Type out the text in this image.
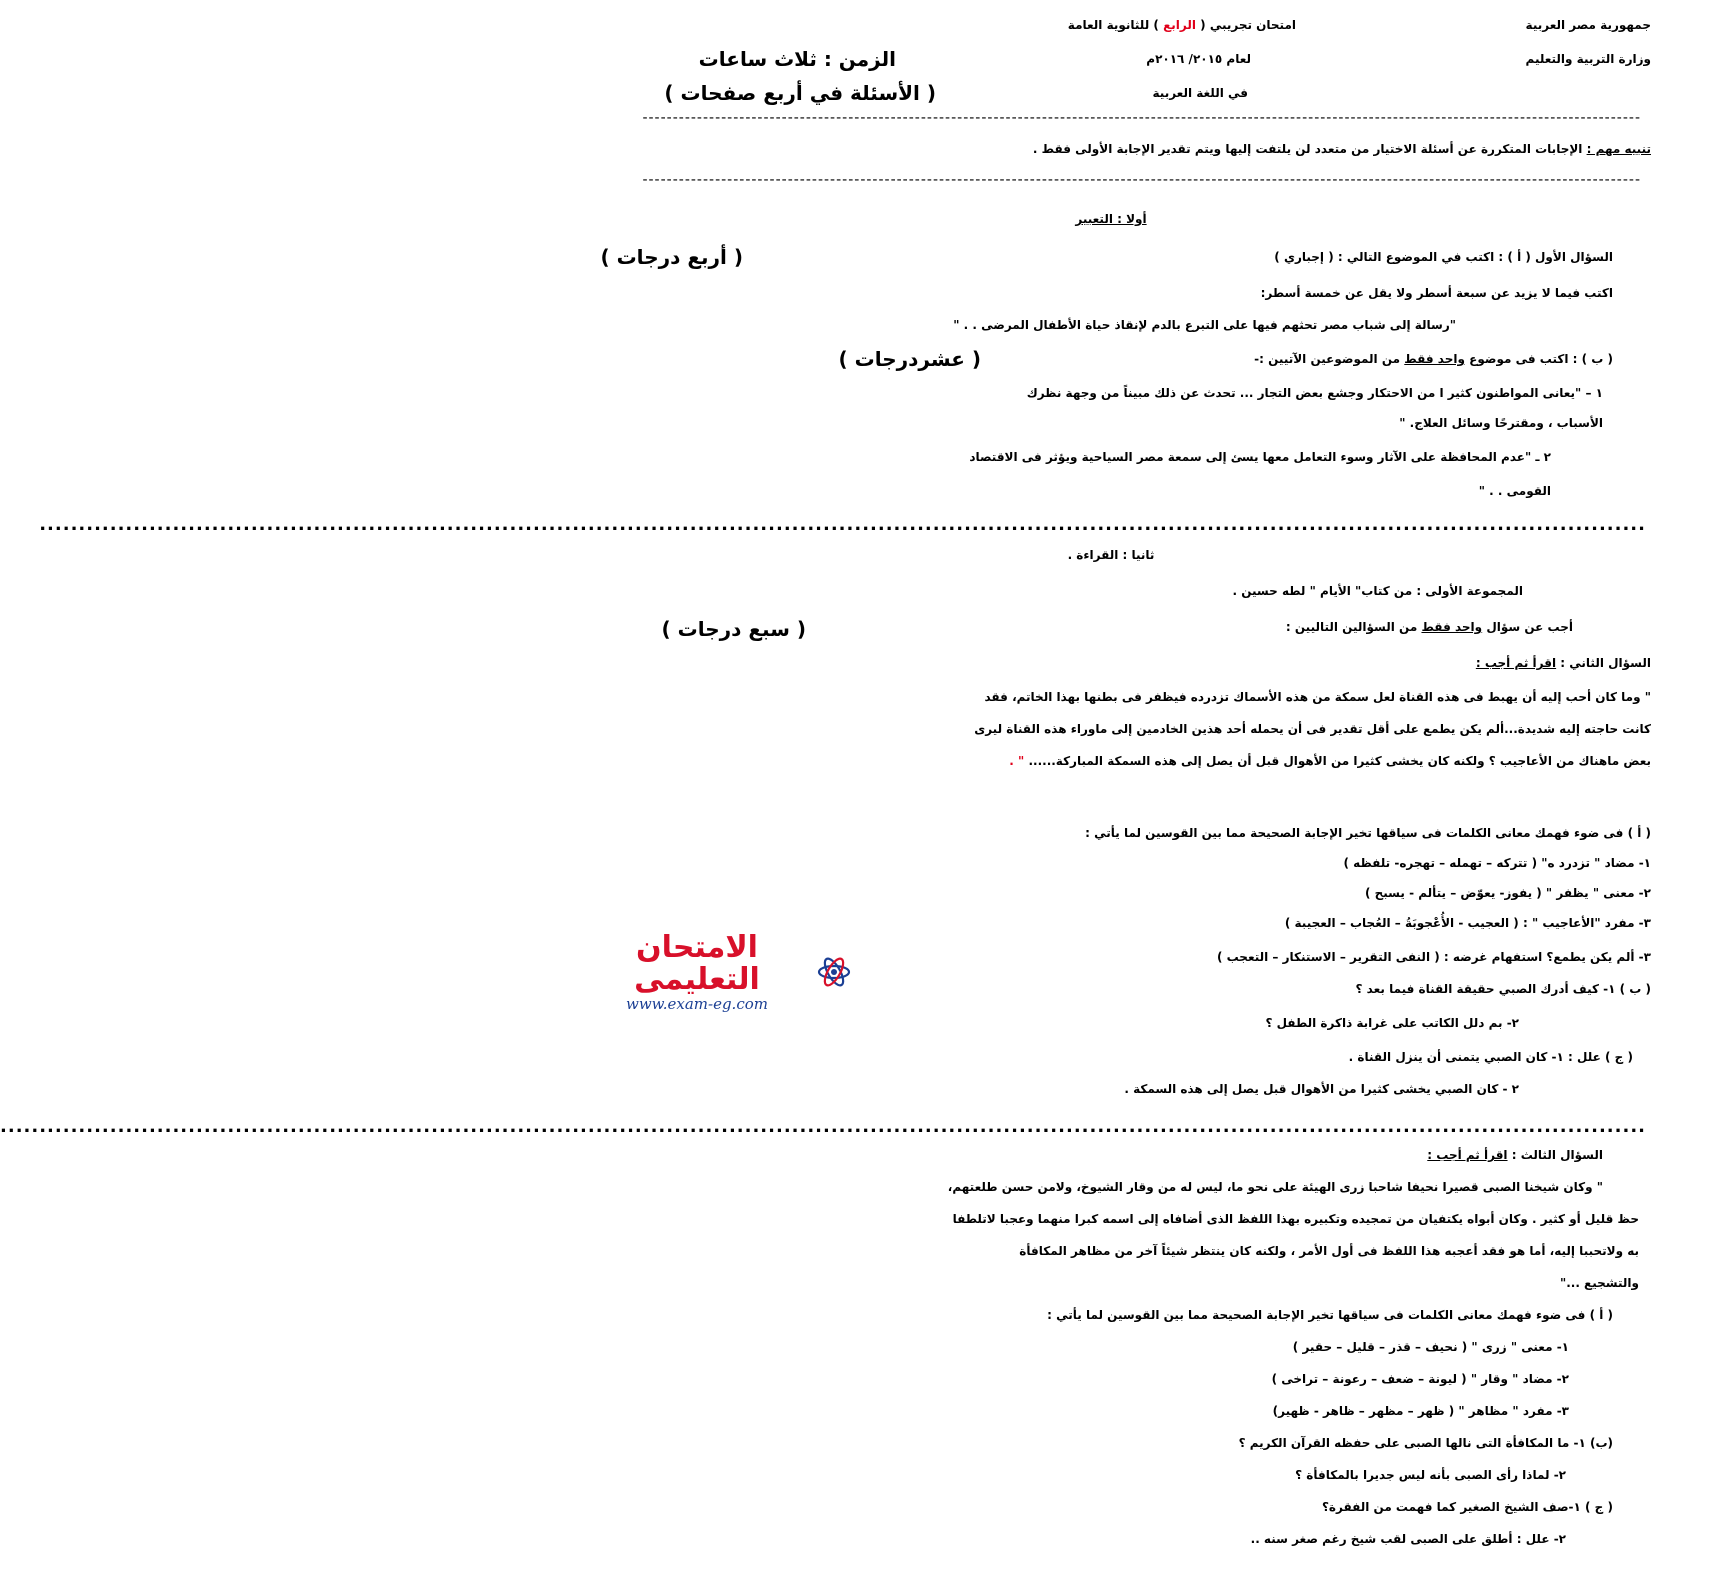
جمهورية مصر العربية
امتحان تجريبي ( الرابع ) للثانوية العامة
وزارة التربية والتعليم
لعام ٢٠١٥/ ٢٠١٦م
الزمن : ثلاث ساعات
في اللغة العربية
( الأسئلة في أربع صفحات )
---------------------------------------------------------------------------------------------------------------------------------------------------------------------
تنبيه مهم : الإجابات المتكررة عن أسئلة الاختيار من متعدد لن يلتفت إليها ويتم تقدير الإجابة الأولى فقط .
---------------------------------------------------------------------------------------------------------------------------------------------------------------------
أولا : التعبير
السؤال الأول ( أ ) : اكتب في الموضوع التالي : ( إجباري )
( أربع درجات )
اكتب فيما لا يزيد عن سبعة أسطر ولا يقل عن خمسة أسطر:
"رسالة إلى شباب مصر تحثهم فيها على التبرع بالدم لإنقاذ حياة الأطفال المرضى . . "
( ب ) : اكتب فى موضوع واحد فقط من الموضوعين الآتيين :-
( عشردرجات )
١ – "يعانى المواطنون كثير ا من الاحتكار وجشع بعض التجار ... تحدث عن ذلك مبيناً من وجهة نظرك
الأسباب ، ومقترحًا وسائل العلاج. "
٢ ـ "عدم المحافظة على الآثار وسوء التعامل معها يسئ إلى سمعة مصر السياحية ويؤثر فى الاقتصاد
القومى . . "
.............................................................................................................................................................................................................
ثانيا : القراءة .
المجموعة الأولى : من كتاب" الأيام " لطه حسين .
أجب عن سؤال واحد فقط من السؤالين التاليين :
( سبع درجات )
السؤال الثاني : اقرأ ثم أجب :
" وما كان أحب إليه أن يهبط فى هذه القناة لعل سمكة من هذه الأسماك تزدرده فيظفر فى بطنها بهذا الخاتم، فقد
كانت حاجته إليه شديدة...ألم يكن يطمع على أقل تقدير فى أن يحمله أحد هذين الخادمين إلى ماوراء هذه القناة ليرى
بعض ماهناك من الأعاجيب ؟ ولكنه كان يخشى كثيرا من الأهوال قبل أن يصل إلى هذه السمكة المباركة...... " .
( أ ) فى ضوء فهمك معانى الكلمات فى سياقها تخير الإجابة الصحيحة مما بين القوسين لما يأتي :
١- مضاد " تزدرد ه" ( تتركه – تهمله – تهجره- تلفظه )
٢- معنى " يظفر " ( يفوز- يعوّض – يتألم - يسبح )
٣- مفرد "الأعاجيب " : ( العجيب - الأُعْجوبَةُ – العُجاب – العجيبة )
٣- ألم يكن يطمع؟ استفهام غرضه : ( النفى التقرير – الاستنكار – التعجب )
( ب ) ١- كيف أدرك الصبي حقيقة القناة فيما بعد ؟
٢- بم دلل الكاتب على غرابة ذاكرة الطفل ؟
( ج ) علل : ١- كان الصبي يتمنى أن ينزل القناة .
٢ - كان الصبي يخشى كثيرا من الأهوال قبل يصل إلى هذه السمكة .
الامتحان التعليمى
www.exam-eg.com
..................................................................................................................................................................................................................
السؤال الثالث : اقرأ ثم أجب :
" وكان شيخنا الصبى قصيرا نحيفا شاحبا زرى الهيئة على نحو ما، ليس له من وقار الشيوخ، ولامن حسن طلعتهم،
حظ قليل أو كثير . وكان أبواه يكتفيان من تمجيده وتكبيره بهذا اللفظ الذى أضافاه إلى اسمه كبرا منهما وعجبا لاتلطفا
به ولاتحببا إليه، أما هو فقد أعجبه هذا اللفظ فى أول الأمر ، ولكنه كان ينتظر شيئاً آخر من مظاهر المكافأة
والتشجيع ..."
( أ ) فى ضوء فهمك معانى الكلمات فى سياقها تخير الإجابة الصحيحة مما بين القوسين لما يأتي :
١- معنى " زرى " ( نحيف – قذر – قليل – حقير )
٢- مضاد " وقار " ( ليونة – ضعف – رعونة – تراخى )
٣- مفرد " مظاهر " ( ظهر – مظهر – ظاهر - ظهير)
(ب) ١- ما المكافأة التى نالها الصبى على حفظه القرآن الكريم ؟
٢- لماذا رأى الصبى بأنه ليس جديرا بالمكافأة ؟
( ج ) ١-صف الشيخ الصغير كما فهمت من الفقرة؟
٢- علل : أطلق على الصبى لقب شيخ رغم صغر سنه ..
